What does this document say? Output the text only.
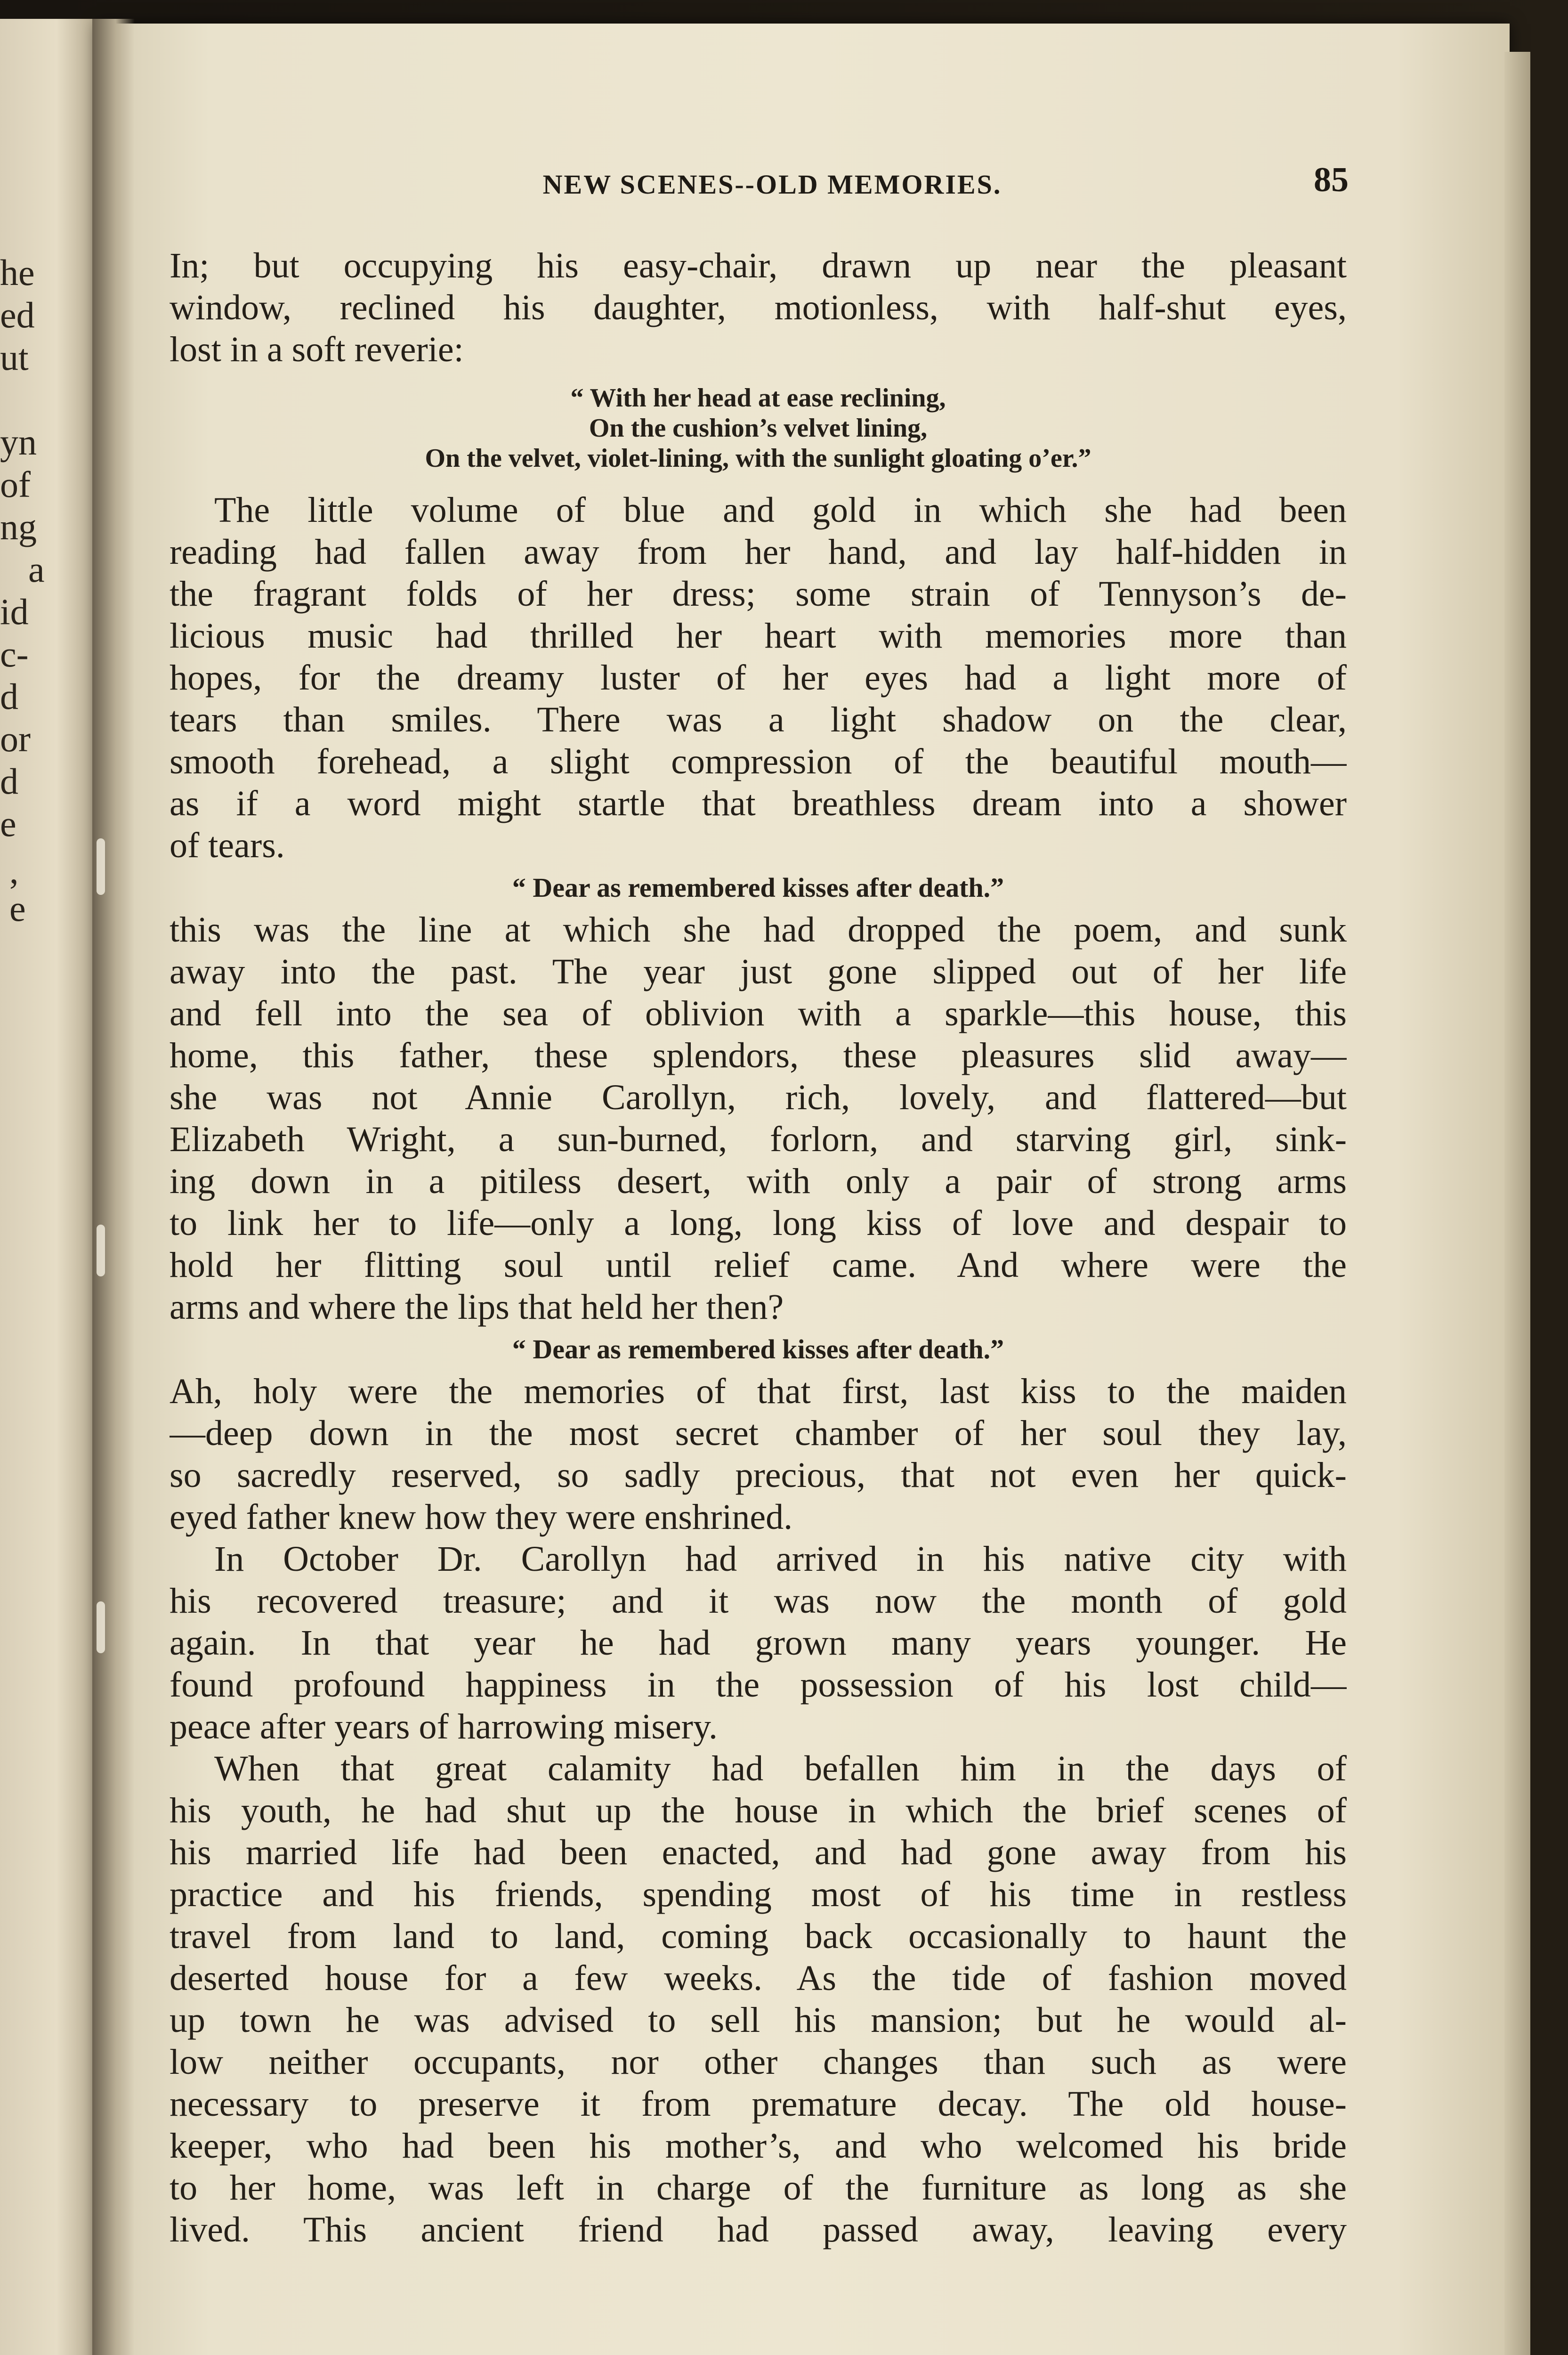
he
ed
ut
yn
of
ng
a
id
c-
d
or
d
e
,
e
NEW SCENES--OLD MEMORIES.	85
In; but occupying his easy-chair, drawn up near the pleasant
window, reclined his daughter, motionless, with half-shut eyes,
lost in a soft reverie:
“ With her head at ease reclining,
On the cushion’s velvet lining,
On the velvet, violet-lining, with the sunlight gloating o’er.”
The little volume of blue and gold in which she had been
reading had fallen away from her hand, and lay half-hidden in
the fragrant folds of her dress; some strain of Tennyson’s de-
licious music had thrilled her heart with memories more than
hopes, for the dreamy luster of her eyes had a light more of
tears than smiles. There was a light shadow on the clear,
smooth forehead, a slight compression of the beautiful mouth—
as if a word might startle that breathless dream into a shower
of tears.
“ Dear as remembered kisses after death.”
this was the line at which she had dropped the poem, and sunk
away into the past. The year just gone slipped out of her life
and fell into the sea of oblivion with a sparkle—this house, this
home, this father, these splendors, these pleasures slid away—
she was not Annie Carollyn, rich, lovely, and flattered—but
Elizabeth Wright, a sun-burned, forlorn, and starving girl, sink-
ing down in a pitiless desert, with only a pair of strong arms
to link her to life—only a long, long kiss of love and despair to
hold her flitting soul until relief came. And where were the
arms and where the lips that held her then?
“ Dear as remembered kisses after death.”
Ah, holy were the memories of that first, last kiss to the maiden
—deep down in the most secret chamber of her soul they lay,
so sacredly reserved, so sadly precious, that not even her quick-
eyed father knew how they were enshrined.
In October Dr. Carollyn had arrived in his native city with
his recovered treasure; and it was now the month of gold
again. In that year he had grown many years younger. He
found profound happiness in the possession of his lost child—
peace after years of harrowing misery.
When that great calamity had befallen him in the days of
his youth, he had shut up the house in which the brief scenes of
his married life had been enacted, and had gone away from his
practice and his friends, spending most of his time in restless
travel from land to land, coming back occasionally to haunt the
deserted house for a few weeks. As the tide of fashion moved
up town he was advised to sell his mansion; but he would al-
low neither occupants, nor other changes than such as were
necessary to preserve it from premature decay. The old house-
keeper, who had been his mother’s, and who welcomed his bride
to her home, was left in charge of the furniture as long as she
lived. This ancient friend had passed away, leaving every
